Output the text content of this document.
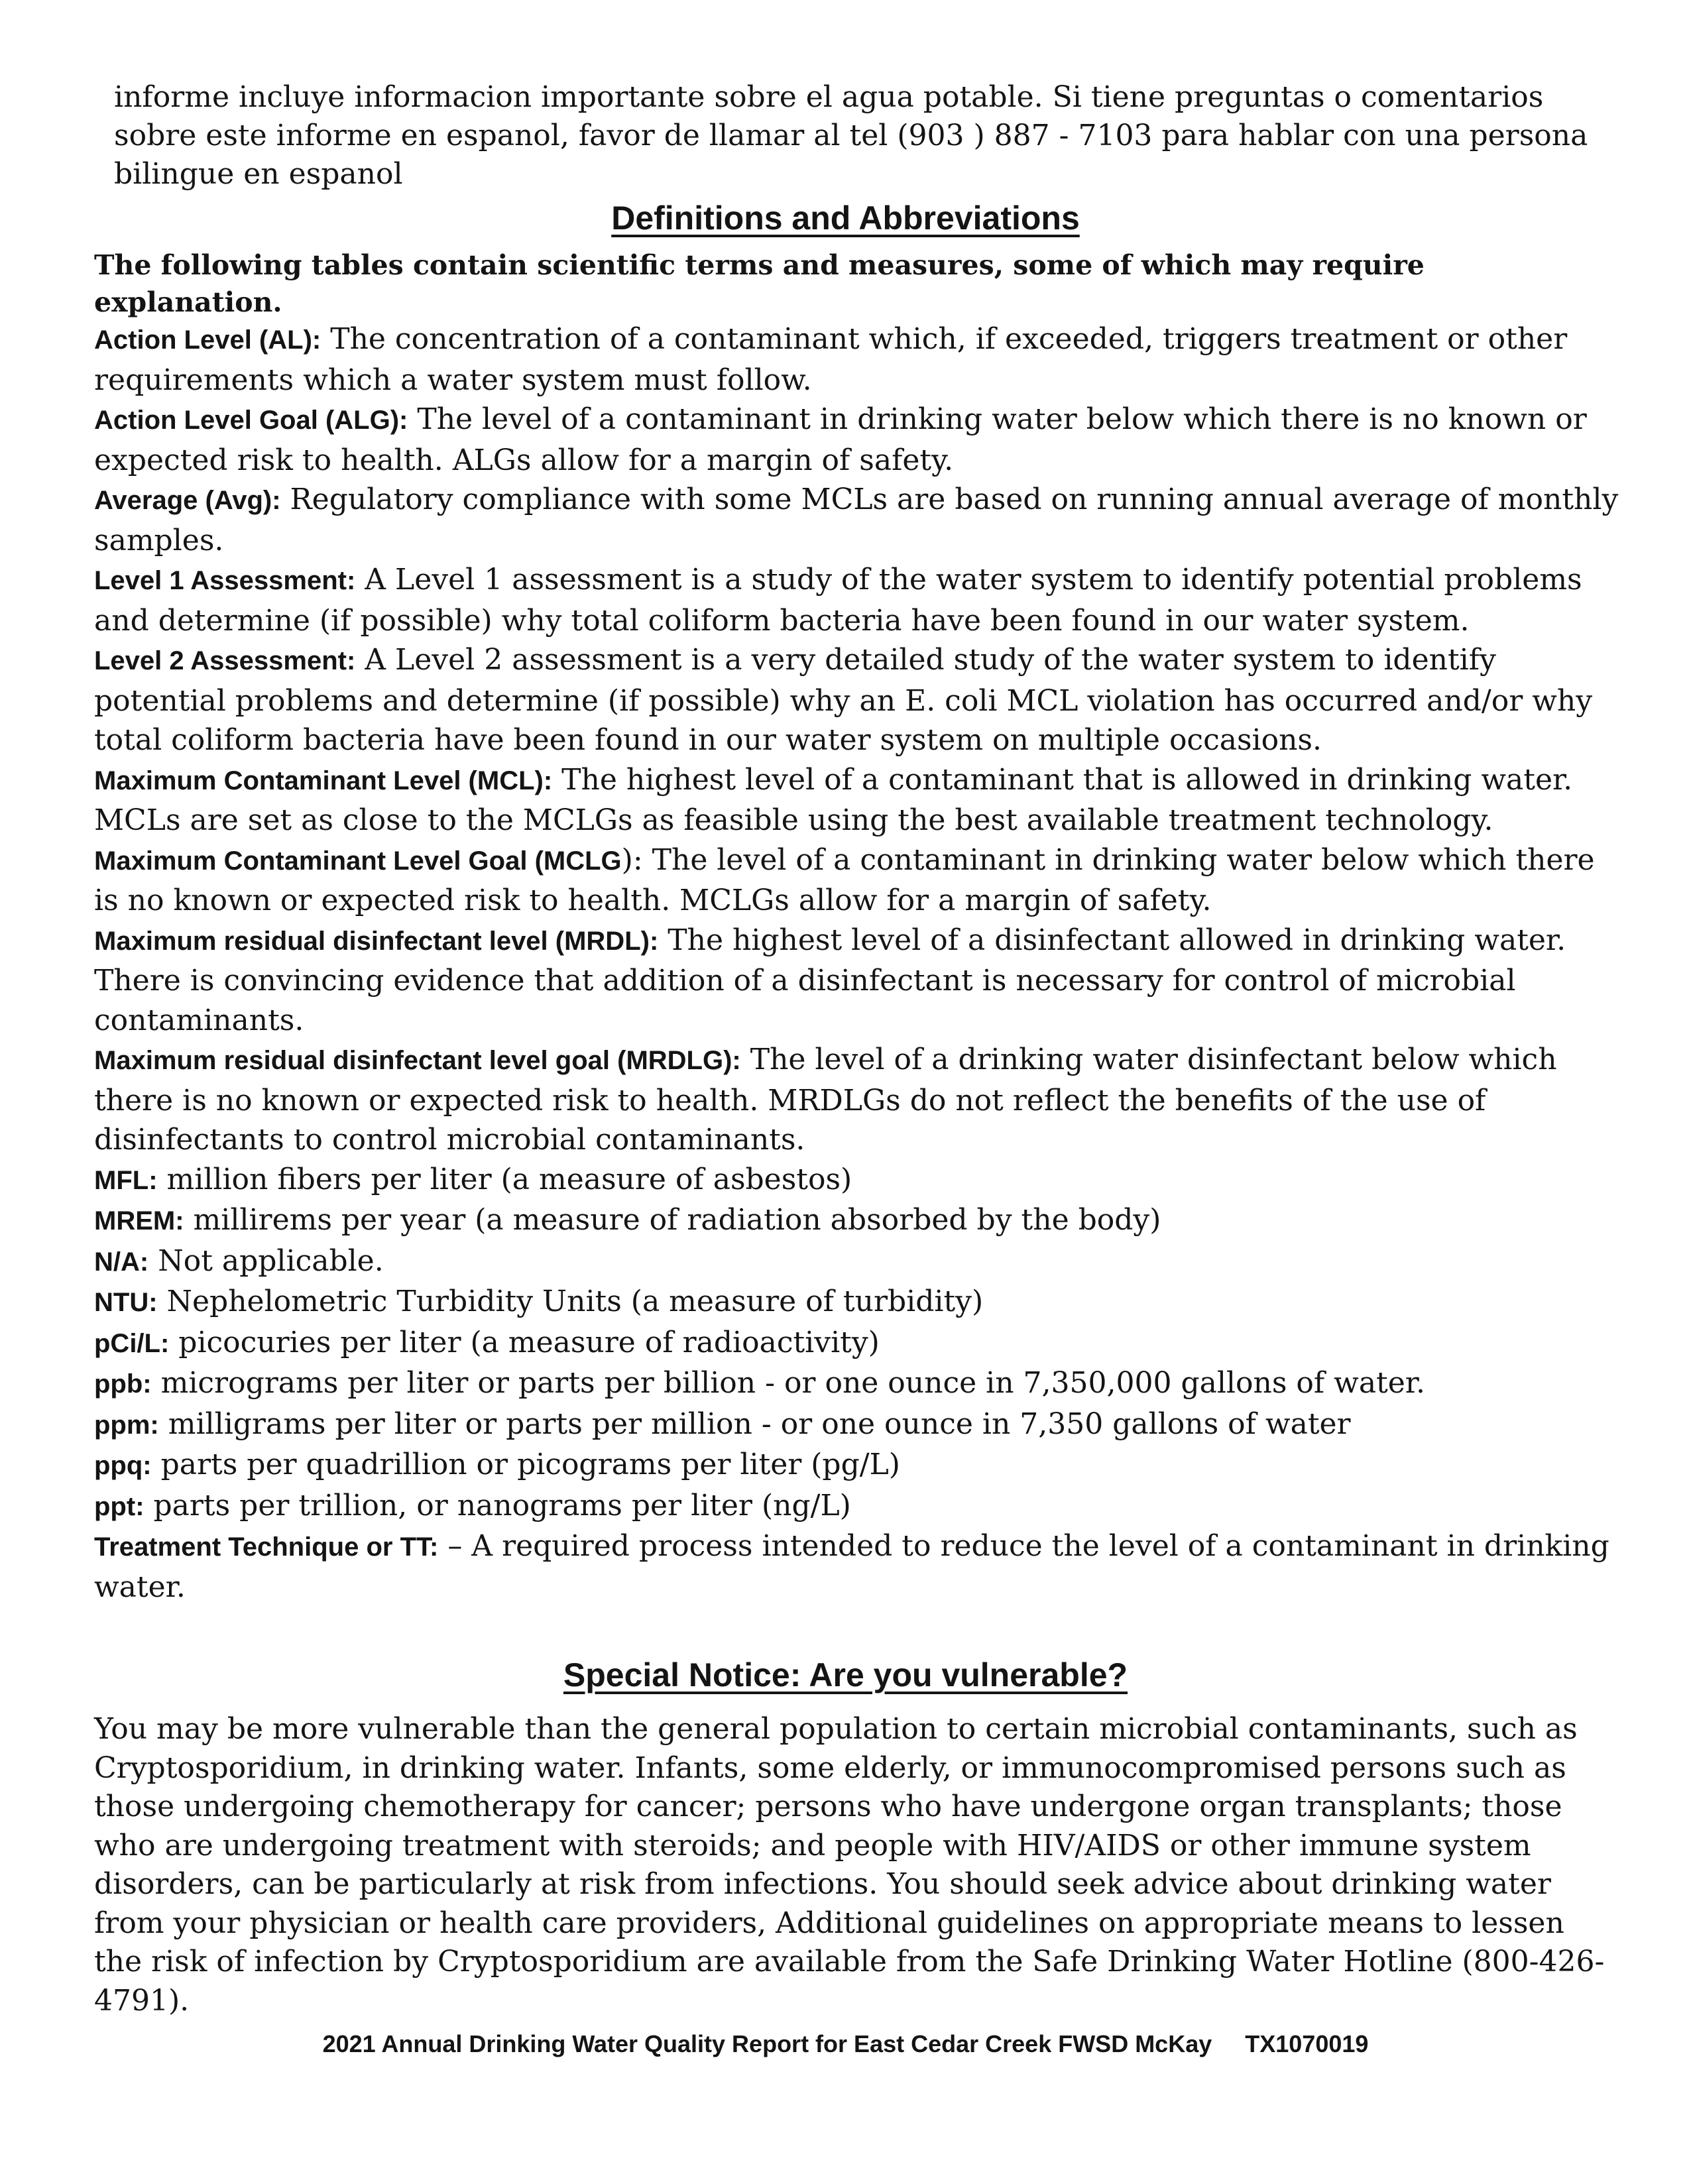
informe incluye informacion importante sobre el agua potable. Si tiene preguntas o comentarios sobre este informe en espanol, favor de llamar al tel (903 ) 887 - 7103 para hablar con una persona bilingue en espanol
Definitions and Abbreviations
The following tables contain scientific terms and measures, some of which may require explanation.

Action Level (AL): The concentration of a contaminant which, if exceeded, triggers treatment or other requirements which a water system must follow.

Action Level Goal (ALG): The level of a contaminant in drinking water below which there is no known or expected risk to health. ALGs allow for a margin of safety.

Average (Avg): Regulatory compliance with some MCLs are based on running annual average of monthly samples.

Level 1 Assessment: A Level 1 assessment is a study of the water system to identify potential problems and determine (if possible) why total coliform bacteria have been found in our water system.

Level 2 Assessment: A Level 2 assessment is a very detailed study of the water system to identify potential problems and determine (if possible) why an E. coli MCL violation has occurred and/or why total coliform bacteria have been found in our water system on multiple occasions.

Maximum Contaminant Level (MCL): The highest level of a contaminant that is allowed in drinking water. MCLs are set as close to the MCLGs as feasible using the best available treatment technology.

Maximum Contaminant Level Goal (MCLG): The level of a contaminant in drinking water below which there is no known or expected risk to health. MCLGs allow for a margin of safety.

Maximum residual disinfectant level (MRDL): The highest level of a disinfectant allowed in drinking water. There is convincing evidence that addition of a disinfectant is necessary for control of microbial contaminants.

Maximum residual disinfectant level goal (MRDLG): The level of a drinking water disinfectant below which there is no known or expected risk to health. MRDLGs do not reflect the benefits of the use of disinfectants to control microbial contaminants.

MFL: million fibers per liter (a measure of asbestos)

MREM: millirems per year (a measure of radiation absorbed by the body)

N/A: Not applicable.

NTU: Nephelometric Turbidity Units (a measure of turbidity)

pCi/L: picocuries per liter (a measure of radioactivity)

ppb: micrograms per liter or parts per billion - or one ounce in 7,350,000 gallons of water.

ppm: milligrams per liter or parts per million - or one ounce in 7,350 gallons of water

ppq: parts per quadrillion or picograms per liter (pg/L)

ppt: parts per trillion, or nanograms per liter (ng/L)

Treatment Technique or TT: – A required process intended to reduce the level of a contaminant in drinking water.

Special Notice: Are you vulnerable?
You may be more vulnerable than the general population to certain microbial contaminants, such as Cryptosporidium, in drinking water. Infants, some elderly, or immunocompromised persons such as those undergoing chemotherapy for cancer; persons who have undergone organ transplants; those who are undergoing treatment with steroids; and people with HIV/AIDS or other immune system disorders, can be particularly at risk from infections. You should seek advice about drinking water from your physician or health care providers, Additional guidelines on appropriate means to lessen the risk of infection by Cryptosporidium are available from the Safe Drinking Water Hotline (800-426-4791).
2021 Annual Drinking Water Quality Report for East Cedar Creek FWSD McKay     TX1070019
